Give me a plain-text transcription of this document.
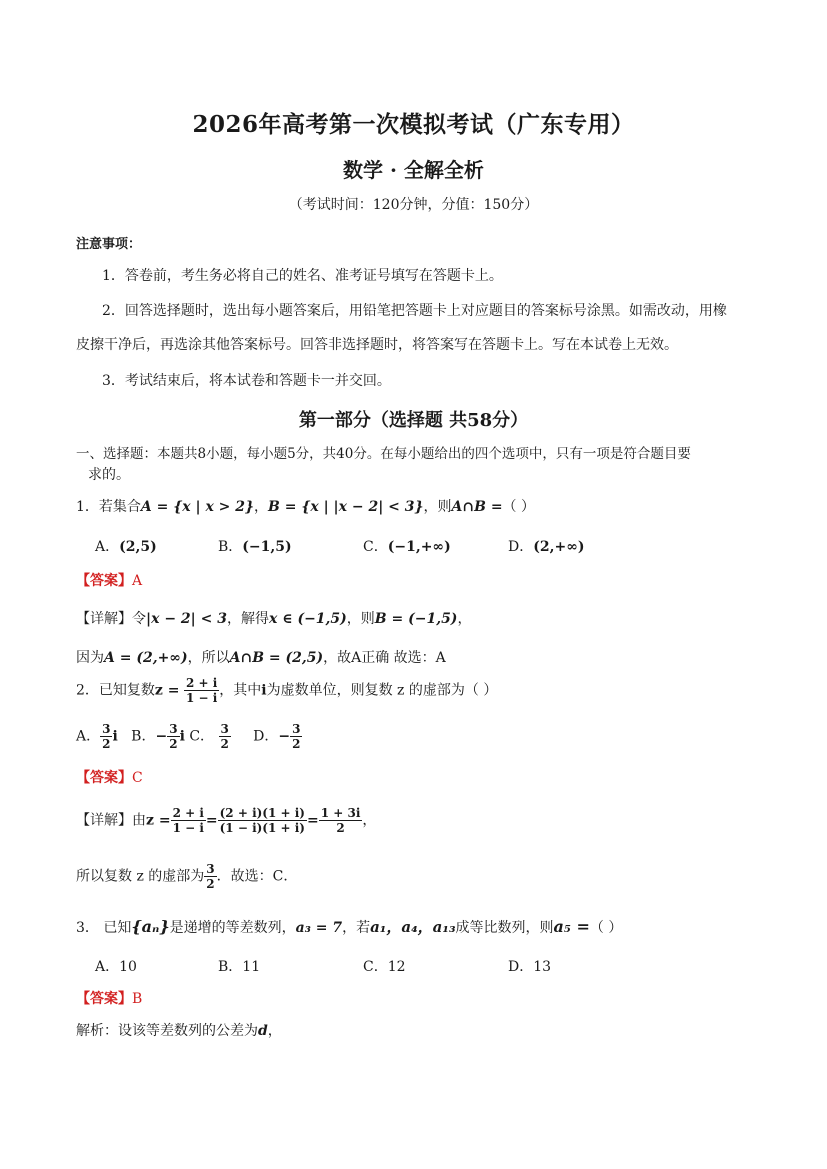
2026年高考第一次模拟考试（广东专用）
数学 · 全解全析
（考试时间：120分钟，分值：150分）
注意事项：
1．答卷前，考生务必将自己的姓名、准考证号填写在答题卡上。
2．回答选择题时，选出每小题答案后，用铅笔把答题卡上对应题目的答案标号涂黑。如需改动，用橡
皮擦干净后，再选涂其他答案标号。回答非选择题时，将答案写在答题卡上。写在本试卷上无效。
3．考试结束后，将本试卷和答题卡一并交回。
第一部分（选择题 共58分）
一、选择题：本题共8小题，每小题5分，共40分。在每小题给出的四个选项中，只有一项是符合题目要
求的。
1．若集合A = {x | x > 2}，B = {x | |x − 2| < 3}，则A∩B =（ ）
A．(2,5)	B．(−1,5)	C．(−1,+∞)	D．(2,+∞)
【答案】A
【详解】令|x − 2| < 3，解得x ∈ (−1,5)，则B = (−1,5)，
因为A = (2,+∞)，所以A∩B = (2,5)，故A正确 故选：A
2．已知复数$z = \frac{2 + i}{1 - i}$ ，其中i为虚数单位，则复数 z 的虚部为（ ）
A． $\frac{3}{2}$ i B．− $\frac{3}{2}$ i C． $\frac{3}{2}$ D．− $\frac{3}{2}$
【答案】C
【详解】由$z = \frac{2 + i}{1 - i} = \frac{(2 + i)(1 + i)}{(1 - i)(1 + i)} = \frac{1 + 3i}{2}$ ，
所以复数 z 的虚部为 $\frac{3}{2}$ ．故选：C．
3． 已知{aₙ}是递增的等差数列，a₃ = 7，若a₁，a₄，a₁₃成等比数列，则a₅ =（ ）
A．10	B．11	C．12	D．13
【答案】B
解析：设该等差数列的公差为d，
